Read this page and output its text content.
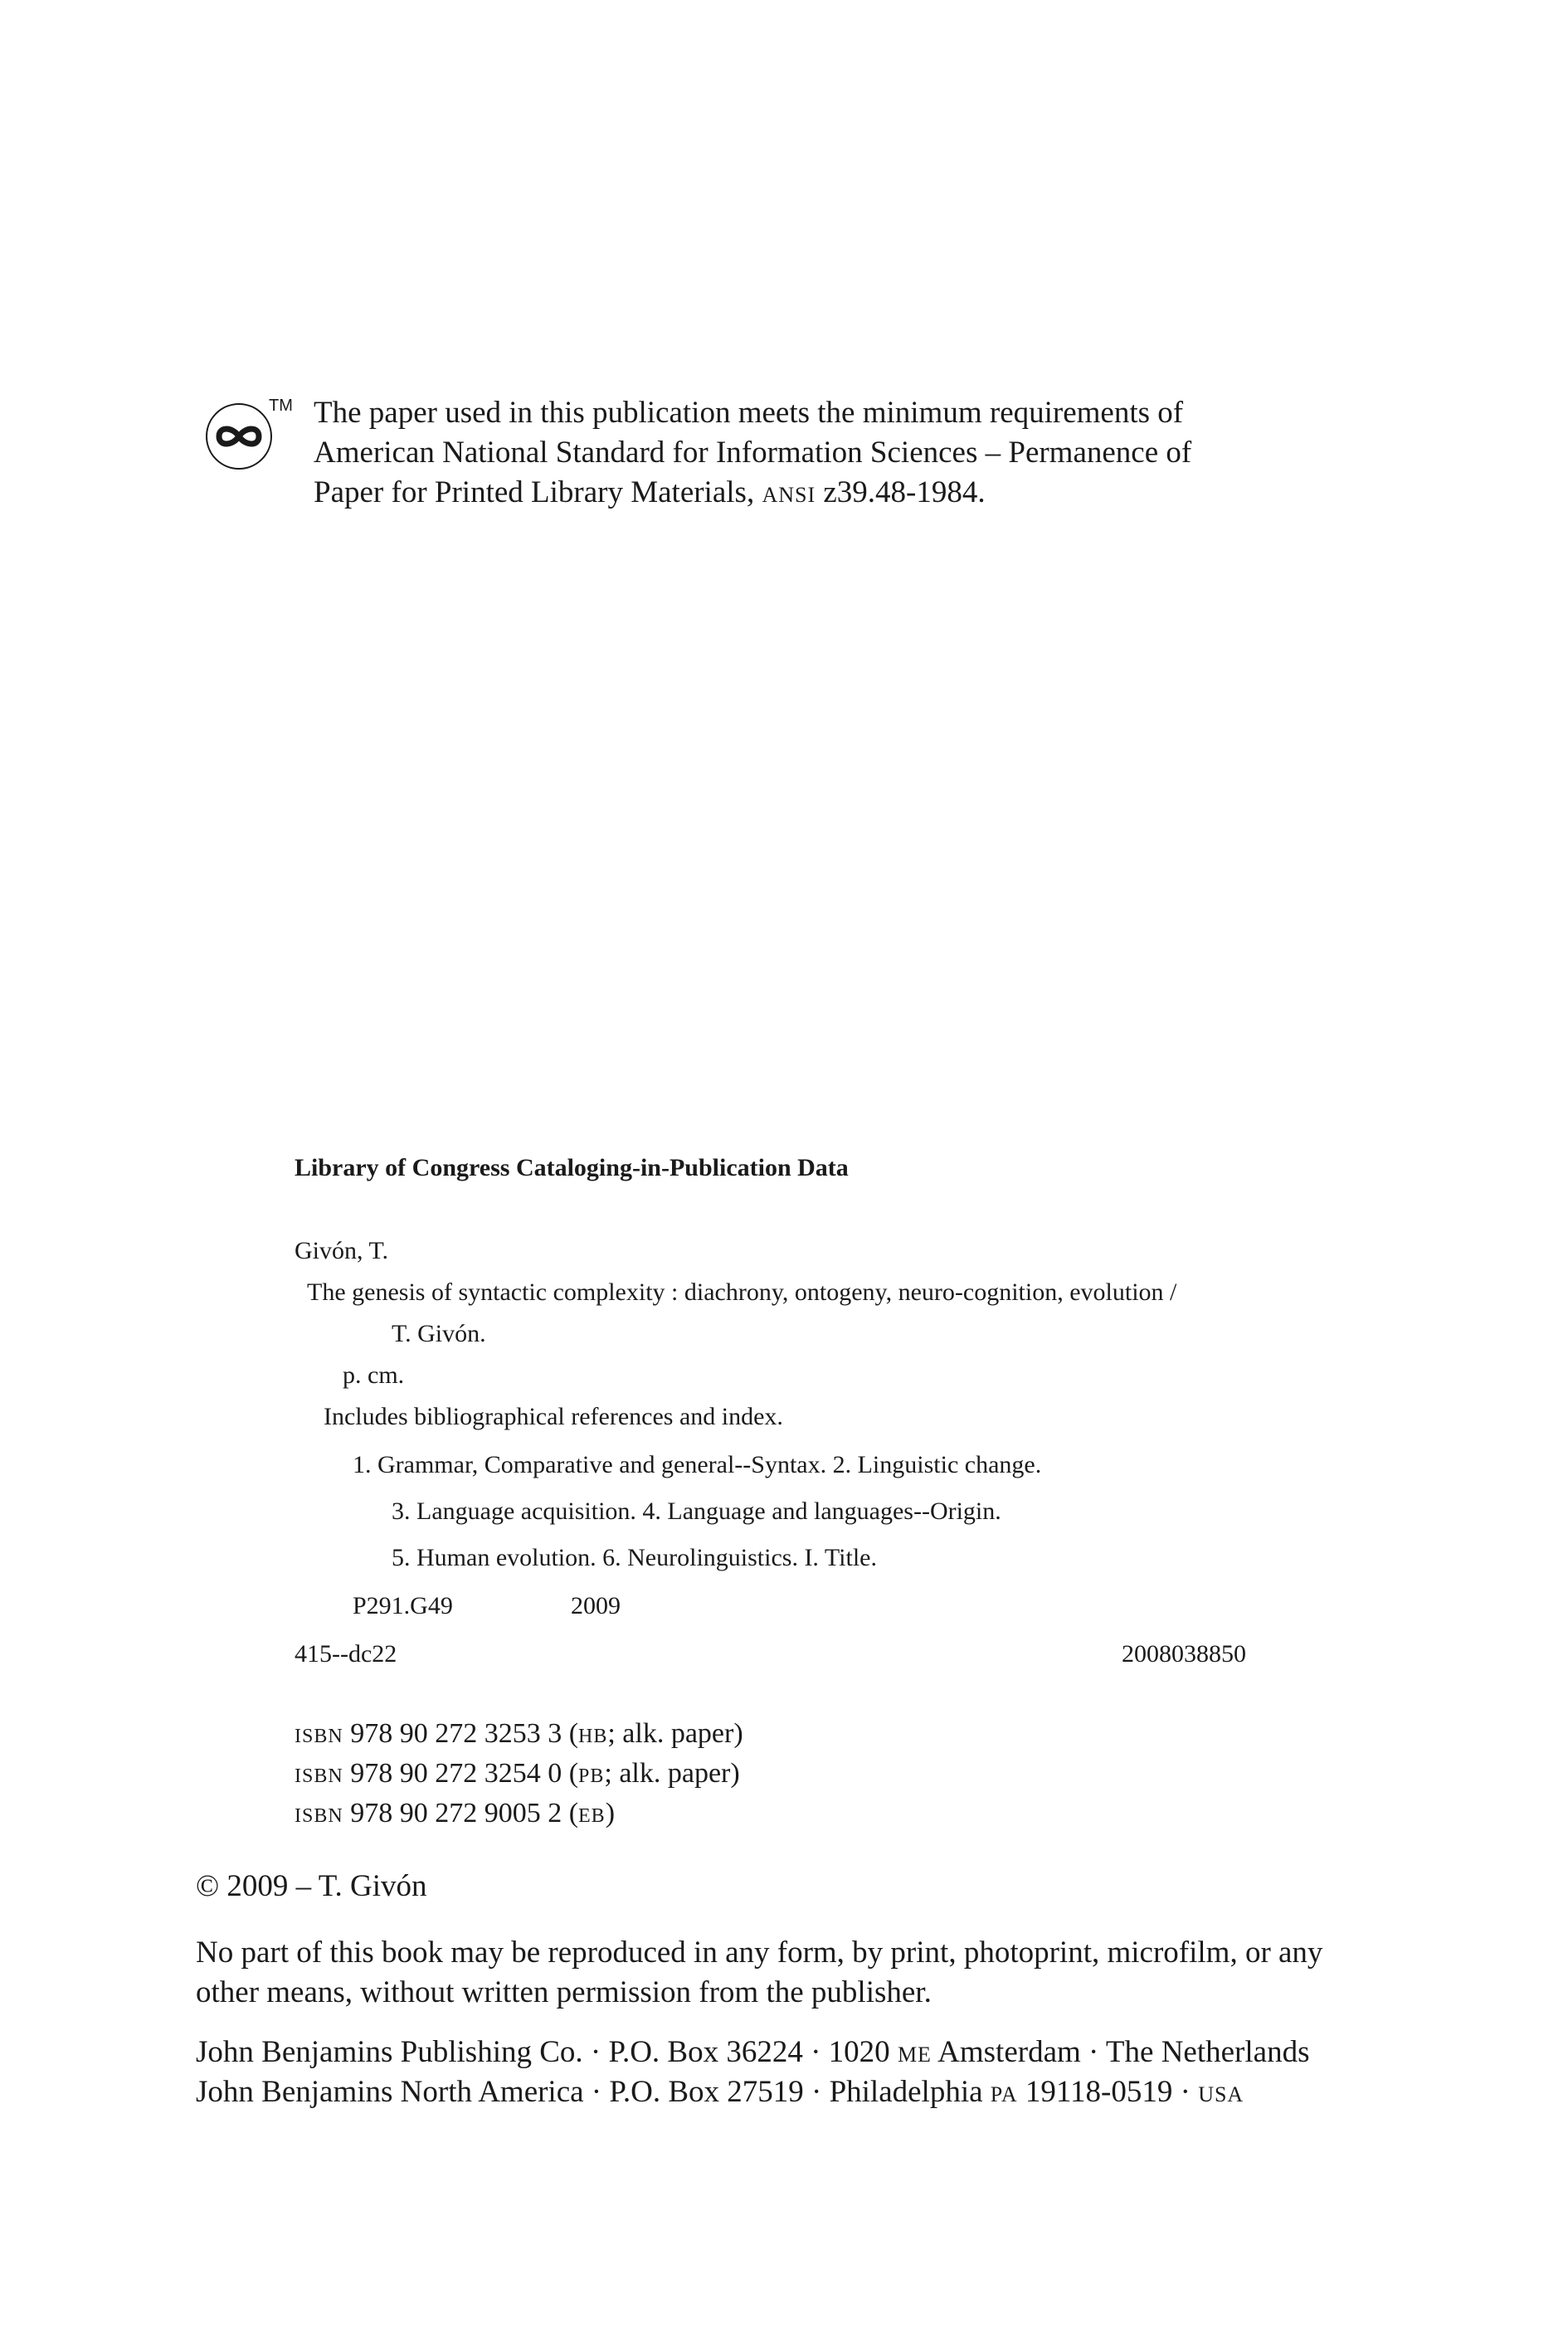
TM The paper used in this publication meets the minimum requirements of

American National Standard for Information Sciences – Permanence of

Paper for Printed Library Materials, ansi z39.48-1984.

Library of Congress Cataloging-in-Publication Data
Givón, T.
The genesis of syntactic complexity : diachrony, ontogeny, neuro-cognition, evolution /
T. Givón.
p. cm.
Includes bibliographical references and index.
1. Grammar, Comparative and general--Syntax. 2. Linguistic change.
3. Language acquisition. 4. Language and languages--Origin.
5. Human evolution. 6. Neurolinguistics. I. Title.
P291.G49	2009
415--dc22	2008038850
isbn 978 90 272 3253 3 (hb; alk. paper)
isbn 978 90 272 3254 0 (pb; alk. paper)
isbn 978 90 272 9005 2 (eb)
© 2009 – T. Givón
No part of this book may be reproduced in any form, by print, photoprint, microfilm, or any
other means, without written permission from the publisher.
John Benjamins Publishing Co. · P.O. Box 36224 · 1020 me Amsterdam · The Netherlands
John Benjamins North America · P.O. Box 27519 · Philadelphia pa 19118-0519 · usa
